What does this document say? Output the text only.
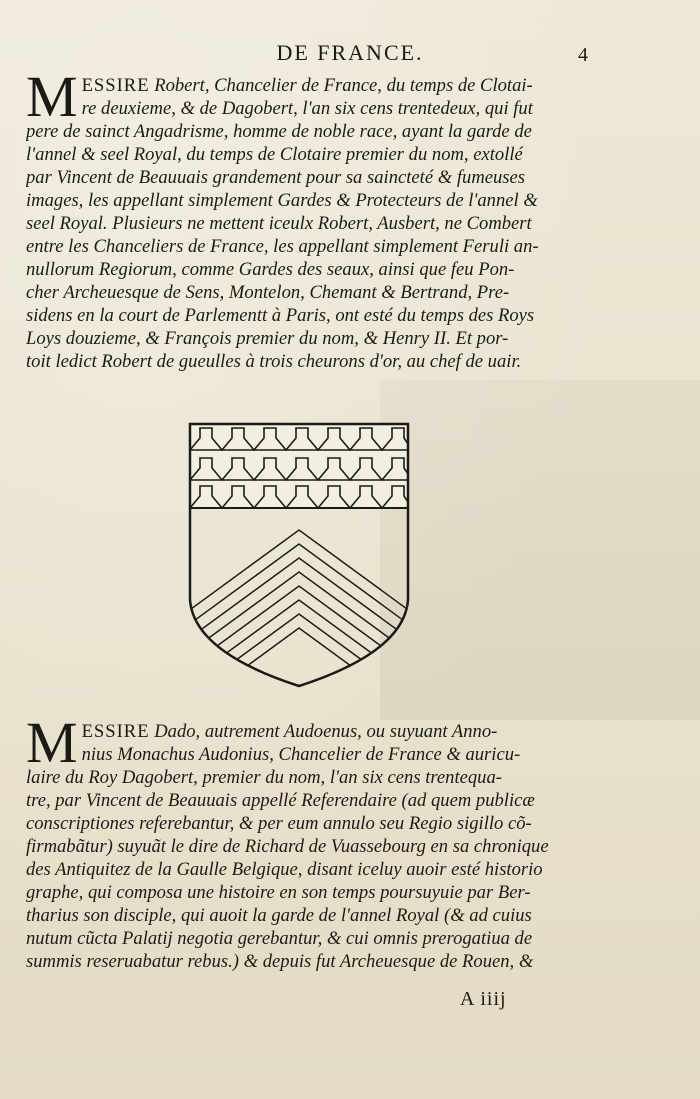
DE FRANCE.	4
M ESSIRE Robert, Chancelier de France, du temps de Clotai-
re deuxieme, & de Dagobert, l'an six cens trentedeux, qui fut
pere de sainct Angadrisme, homme de noble race, ayant la garde de
l'annel & seel Royal, du temps de Clotaire premier du nom, extollé
par Vincent de Beauuais grandement pour sa saincteté & fumeuses
images, les appellant simplement Gardes & Protecteurs de l'annel &
seel Royal. Plusieurs ne mettent iceulx Robert, Ausbert, ne Combert
entre les Chanceliers de France, les appellant simplement Feruli an-
nullorum Regiorum, comme Gardes des seaux, ainsi que feu Pon-
cher Archeuesque de Sens, Montelon, Chemant & Bertrand, Pre-
sidens en la court de Parlementt à Paris, ont esté du temps des Roys
Loys douzieme, & François premier du nom, & Henry II. Et por-
toit ledict Robert de gueulles à trois cheurons d'or, au chef de uair.
M ESSIRE Dado, autrement Audoenus, ou suyuant Anno-
nius Monachus Audonius, Chancelier de France & auricu-
laire du Roy Dagobert, premier du nom, l'an six cens trentequa-
tre, par Vincent de Beauuais appellé Referendaire (ad quem publicæ
conscriptiones referebantur, & per eum annulo seu Regio sigillo cõ-
firmabãtur) suyuãt le dire de Richard de Vuassebourg en sa chronique
des Antiquitez de la Gaulle Belgique, disant iceluy auoir esté historio
graphe, qui composa une histoire en son temps poursuyuie par Ber-
tharius son disciple, qui auoit la garde de l'annel Royal (& ad cuius
nutum cũcta Palatij negotia gerebantur, & cui omnis prerogatiua de
summis reseruabatur rebus.) & depuis fut Archeuesque de Rouen, &
A iiij
